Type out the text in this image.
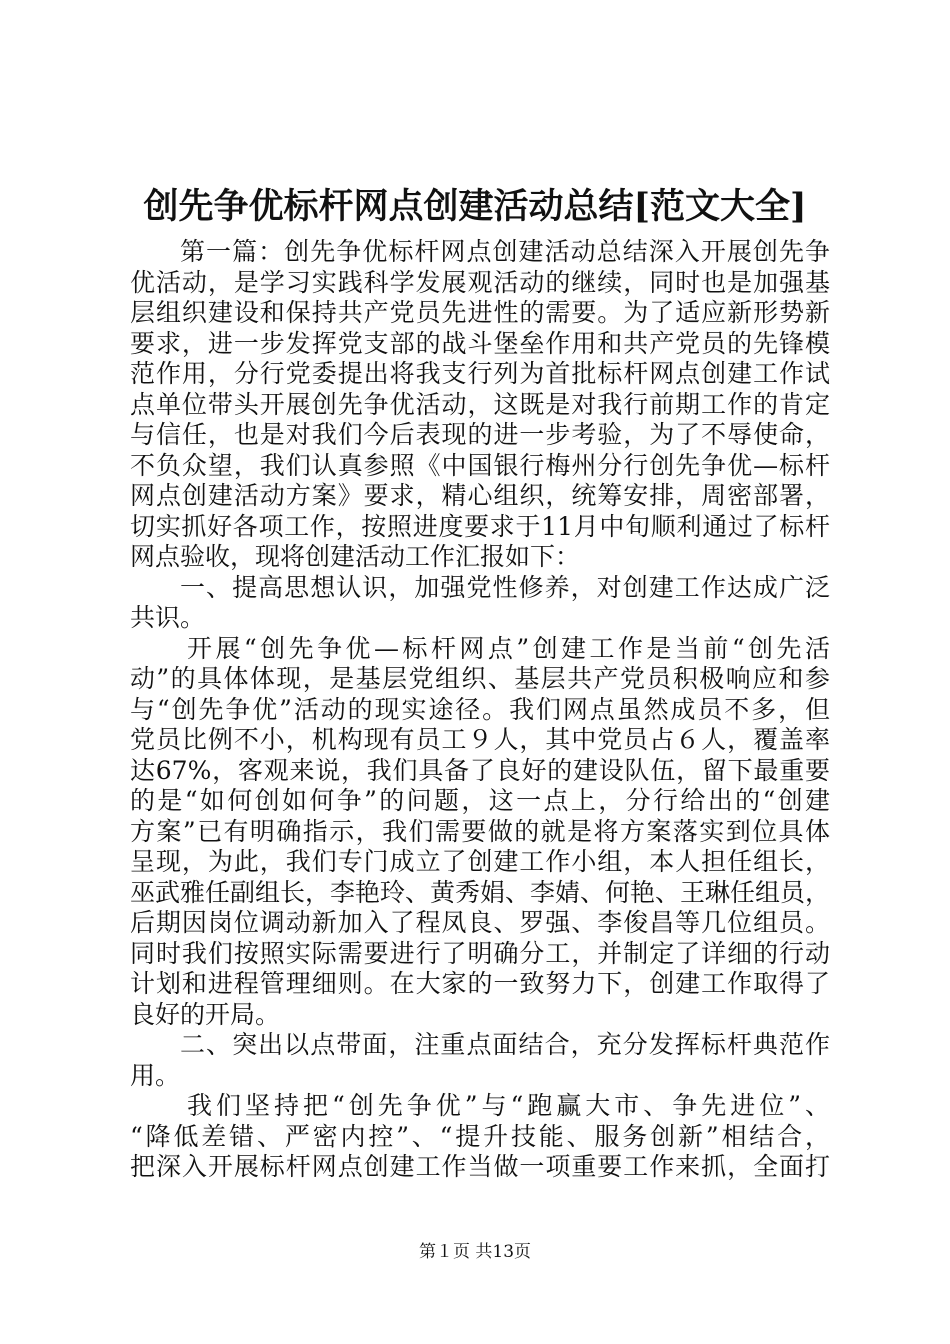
创先争优标杆网点创建活动总结[范文大全]
第一篇：创先争优标杆网点创建活动总结深入开展创先争
优活动，是学习实践科学发展观活动的继续，同时也是加强基
层组织建设和保持共产党员先进性的需要。为了适应新形势新
要求，进一步发挥党支部的战斗堡垒作用和共产党员的先锋模
范作用，分行党委提出将我支行列为首批标杆网点创建工作试
点单位带头开展创先争优活动，这既是对我行前期工作的肯定
与信任，也是对我们今后表现的进一步考验，为了不辱使命，
不负众望，我们认真参照《中国银行梅州分行创先争优—标杆
网点创建活动方案》要求，精心组织，统筹安排，周密部署，
切实抓好各项工作，按照进度要求于11月中旬顺利通过了标杆
网点验收，现将创建活动工作汇报如下：
一、提高思想认识，加强党性修养，对创建工作达成广泛
共识。
开展“创先争优—标杆网点”创建工作是当前“创先活
动”的具体体现，是基层党组织、基层共产党员积极响应和参
与“创先争优”活动的现实途径。我们网点虽然成员不多，但
党员比例不小，机构现有员工９人，其中党员占６人，覆盖率
达67%，客观来说，我们具备了良好的建设队伍，留下最重要
的是“如何创如何争”的问题，这一点上，分行给出的“创建
方案”已有明确指示，我们需要做的就是将方案落实到位具体
呈现，为此，我们专门成立了创建工作小组，本人担任组长，
巫武雅任副组长，李艳玲、黄秀娟、李婧、何艳、王琳任组员，
后期因岗位调动新加入了程凤良、罗强、李俊昌等几位组员。
同时我们按照实际需要进行了明确分工，并制定了详细的行动
计划和进程管理细则。在大家的一致努力下，创建工作取得了
良好的开局。
二、突出以点带面，注重点面结合，充分发挥标杆典范作
用。
我们坚持把“创先争优”与“跑赢大市、争先进位”、
“降低差错、严密内控”、“提升技能、服务创新”相结合，
把深入开展标杆网点创建工作当做一项重要工作来抓，全面打
第１页 共13页
